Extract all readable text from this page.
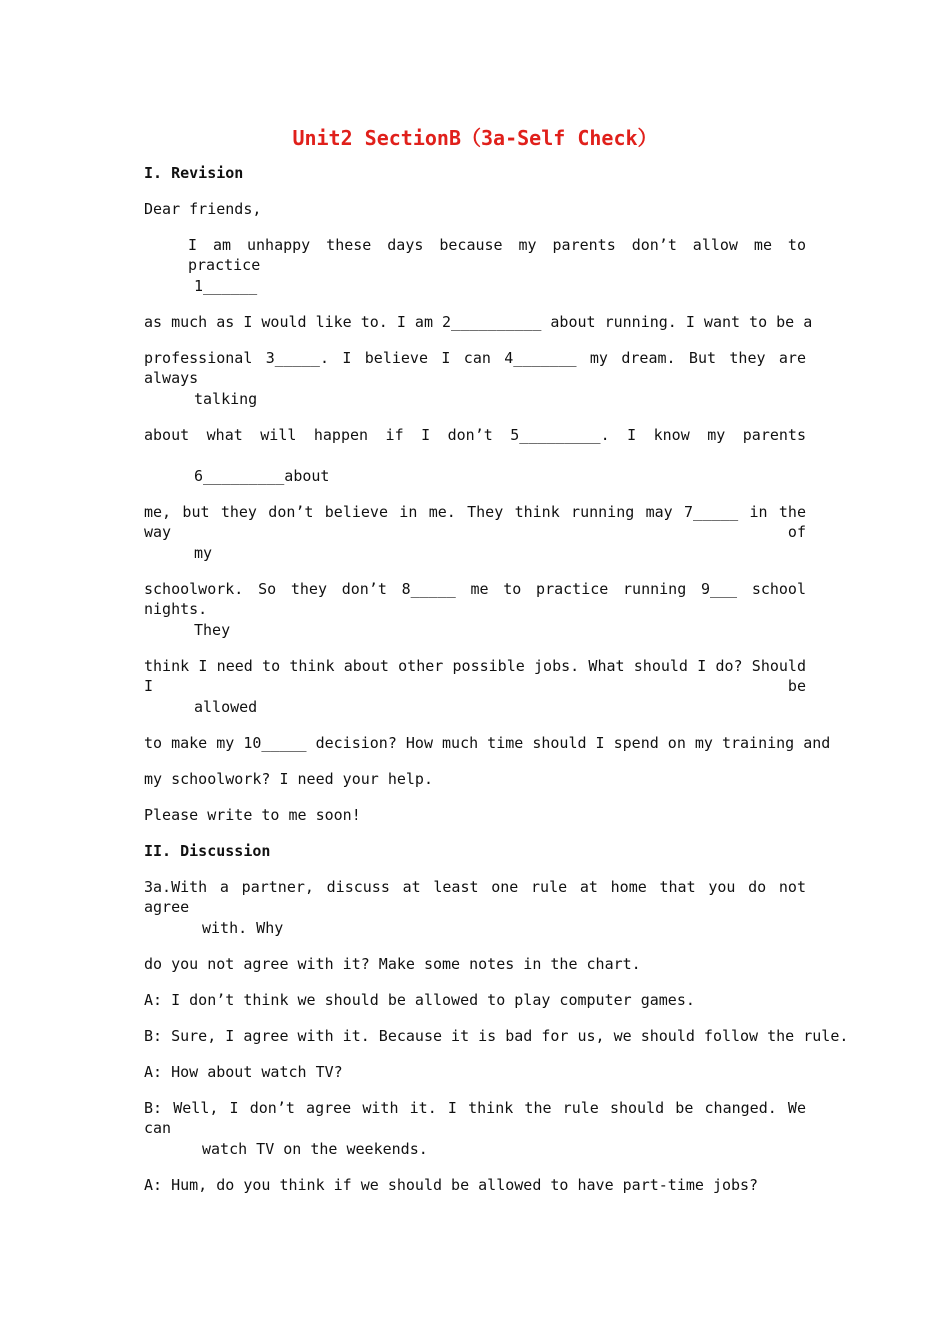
Unit2 SectionB（3a-Self Check）
I. Revision
Dear friends,
I am unhappy these days because my parents don’t allow me to practice
1______
as much as I would like to. I am 2__________ about running. I want to be a
professional 3_____. I believe I can 4_______ my dream. But they are always
talking
about what will happen if I don’t 5_________. I know my parents
6_________about
me, but they don’t believe in me. They think running may 7_____ in the way of
my
schoolwork. So they don’t 8_____ me to practice running 9___ school nights.
They
think I need to think about other possible jobs. What should I do? Should I be
allowed
to make my 10_____ decision? How much time should I spend on my training and
my schoolwork? I need your help.
Please write to me soon!
II. Discussion
3a.With a partner, discuss at least one rule at home that you do not agree
with. Why
do you not agree with it? Make some notes in the chart.
A: I don’t think we should be allowed to play computer games.
B: Sure, I agree with it. Because it is bad for us, we should follow the rule.
A: How about watch TV?
B: Well, I don’t agree with it. I think the rule should be changed. We can
watch TV on the weekends.
A: Hum, do you think if we should be allowed to have part-time jobs?
